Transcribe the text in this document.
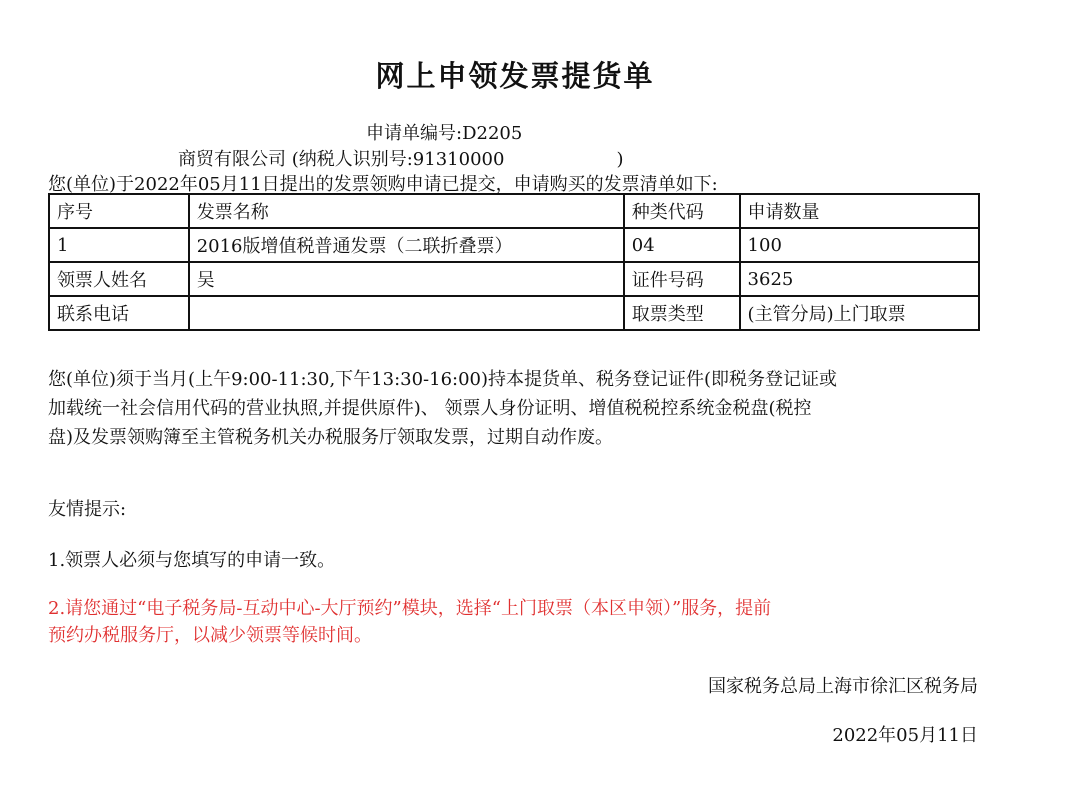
网上申领发票提货单
申请单编号:D2205
商贸有限公司 (纳税人识别号:91310000	)
您(单位)于2022年05月11日提出的发票领购申请已提交，申请购买的发票清单如下:
序号	发票名称	种类代码	申请数量
1	2016版增值税普通发票（二联折叠票）	04	100
领票人姓名	吴	证件号码	3625
联系电话		取票类型	(主管分局)上门取票
您(单位)须于当月(上午9:00-11:30,下午13:30-16:00)持本提货单、税务登记证件(即税务登记证或
加载统一社会信用代码的营业执照,并提供原件)、 领票人身份证明、增值税税控系统金税盘(税控
盘)及发票领购簿至主管税务机关办税服务厅领取发票，过期自动作废。
友情提示:
1.领票人必须与您填写的申请一致。
2.请您通过“电子税务局-互动中心-大厅预约”模块，选择“上门取票（本区申领）”服务，提前
预约办税服务厅，以减少领票等候时间。
国家税务总局上海市徐汇区税务局
2022年05月11日
